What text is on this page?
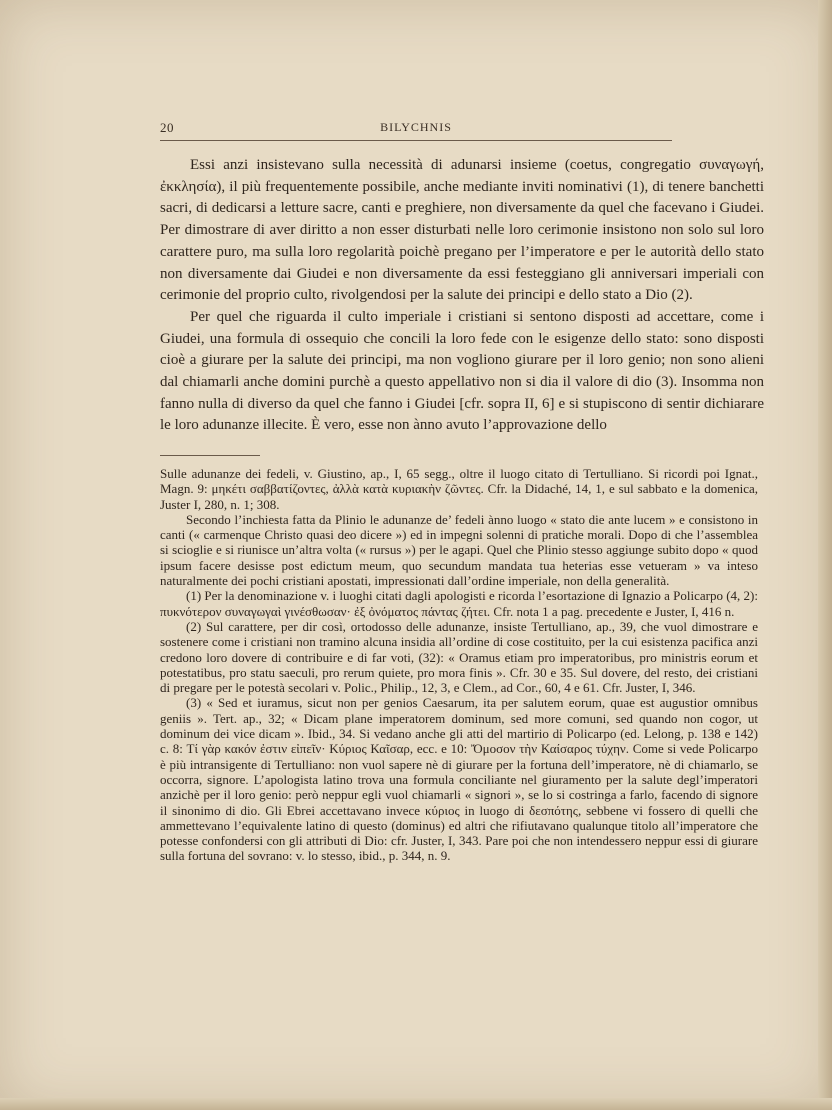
20	BILYCHNIS

Essi anzi insistevano sulla necessità di adunarsi insieme (coetus, congregatio συναγωγή, ἐκκλησία), il più frequentemente possibile, anche mediante inviti nominativi (1), di tenere banchetti sacri, di dedicarsi a letture sacre, canti e preghiere, non diversamente da quel che facevano i Giudei. Per dimostrare di aver diritto a non esser disturbati nelle loro cerimonie insistono non solo sul loro carattere puro, ma sulla loro regolarità poichè pregano per l’imperatore e per le autorità dello stato non diversamente dai Giudei e non diversamente da essi festeggiano gli anniversari imperiali con cerimonie del proprio culto, rivolgendosi per la salute dei principi e dello stato a Dio (2).

Per quel che riguarda il culto imperiale i cristiani si sentono disposti ad accettare, come i Giudei, una formula di ossequio che concili la loro fede con le esigenze dello stato: sono disposti cioè a giurare per la salute dei principi, ma non vogliono giurare per il loro genio; non sono alieni dal chiamarli anche domini purchè a questo appellativo non si dia il valore di dio (3). Insomma non fanno nulla di diverso da quel che fanno i Giudei [cfr. sopra II, 6] e si stupiscono di sentir dichiarare le loro adunanze illecite. È vero, esse non ànno avuto l’approvazione dello

Sulle adunanze dei fedeli, v. Giustino, ap., I, 65 segg., oltre il luogo citato di Tertulliano. Si ricordi poi Ignat., Magn. 9: μηκέτι σαββατίζοντες, ἀλλὰ κατὰ κυριακὴν ζῶντες. Cfr. la Didaché, 14, 1, e sul sabbato e la domenica, Juster I, 280, n. 1; 308.

Secondo l’inchiesta fatta da Plinio le adunanze de’ fedeli ànno luogo « stato die ante lucem » e consistono in canti (« carmenque Christo quasi deo dicere ») ed in impegni solenni di pratiche morali. Dopo di che l’assemblea si scioglie e si riunisce un’altra volta (« rursus ») per le agapi. Quel che Plinio stesso aggiunge subito dopo « quod ipsum facere desisse post edictum meum, quo secundum mandata tua heterias esse vetueram » va inteso naturalmente dei pochi cristiani apostati, impressionati dall’ordine imperiale, non della generalità.

(1) Per la denominazione v. i luoghi citati dagli apologisti e ricorda l’esortazione di Ignazio a Policarpo (4, 2): πυκνότερον συναγωγαὶ γινέσθωσαν· ἐξ ὀνόματος πάντας ζήτει. Cfr. nota 1 a pag. precedente e Juster, I, 416 n.

(2) Sul carattere, per dir così, ortodosso delle adunanze, insiste Tertulliano, ap., 39, che vuol dimostrare e sostenere come i cristiani non tramino alcuna insidia all’ordine di cose costituito, per la cui esistenza pacifica anzi credono loro dovere di contribuire e di far voti, (32): « Oramus etiam pro imperatoribus, pro ministris eorum et potestatibus, pro statu saeculi, pro rerum quiete, pro mora finis ». Cfr. 30 e 35. Sul dovere, del resto, dei cristiani di pregare per le potestà secolari v. Polic., Philip., 12, 3, e Clem., ad Cor., 60, 4 e 61. Cfr. Juster, I, 346.

(3) « Sed et iuramus, sicut non per genios Caesarum, ita per salutem eorum, quae est augustior omnibus geniis ». Tert. ap., 32; « Dicam plane imperatorem dominum, sed more comuni, sed quando non cogor, ut dominum dei vice dicam ». Ibid., 34. Si vedano anche gli atti del martirio di Policarpo (ed. Lelong, p. 138 e 142) c. 8: Τί γὰρ κακόν ἐστιν εἰπεῖν· Κύριος Καῖσαρ, ecc. e 10: Ὄμοσον τὴν Καίσαρος τύχην. Come si vede Policarpo è più intransigente di Tertulliano: non vuol sapere nè di giurare per la fortuna dell’imperatore, nè di chiamarlo, se occorra, signore. L’apologista latino trova una formula conciliante nel giuramento per la salute degl’imperatori anzichè per il loro genio: però neppur egli vuol chiamarli « signori », se lo si costringa a farlo, facendo di signore il sinonimo di dio. Gli Ebrei accettavano invece κύριος in luogo di δεσπότης, sebbene vi fossero di quelli che ammettevano l’equivalente latino di questo (dominus) ed altri che rifiutavano qualunque titolo all’imperatore che potesse confondersi con gli attributi di Dio: cfr. Juster, I, 343. Pare poi che non intendessero neppur essi di giurare sulla fortuna del sovrano: v. lo stesso, ibid., p. 344, n. 9.
